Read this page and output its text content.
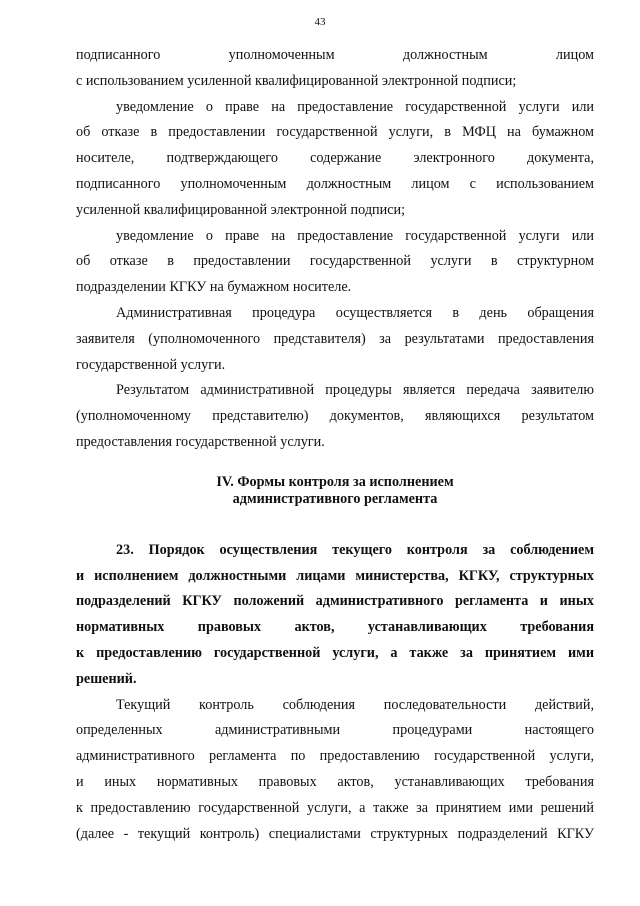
43
подписанного уполномоченным должностным лицом
с использованием усиленной квалифицированной электронной подписи;
уведомление о праве на предоставление государственной услуги или
об отказе в предоставлении государственной услуги, в МФЦ на бумажном
носителе, подтверждающего содержание электронного документа,
подписанного уполномоченным должностным лицом с использованием
усиленной квалифицированной электронной подписи;
уведомление о праве на предоставление государственной услуги или
об отказе в предоставлении государственной услуги в структурном
подразделении КГКУ на бумажном носителе.
Административная процедура осуществляется в день обращения
заявителя (уполномоченного представителя) за результатами предоставления
государственной услуги.
Результатом административной процедуры является передача заявителю
(уполномоченному представителю) документов, являющихся результатом
предоставления государственной услуги.
IV. Формы контроля за исполнением
административного регламента
23. Порядок осуществления текущего контроля за соблюдением
и исполнением должностными лицами министерства, КГКУ, структурных
подразделений КГКУ положений административного регламента и иных
нормативных правовых актов, устанавливающих требования
к предоставлению государственной услуги, а также за принятием ими
решений.
Текущий контроль соблюдения последовательности действий,
определенных административными процедурами настоящего
административного регламента по предоставлению государственной услуги,
и иных нормативных правовых актов, устанавливающих требования
к предоставлению государственной услуги, а также за принятием ими решений
(далее - текущий контроль) специалистами структурных подразделений КГКУ
